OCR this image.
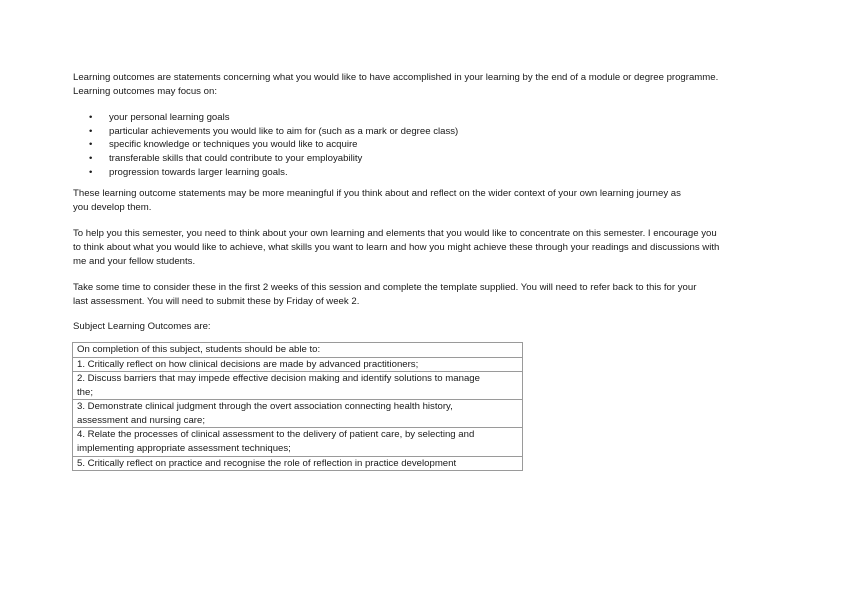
Learning outcomes are statements concerning what you would like to have accomplished in your learning by the end of a module or degree programme.
Learning outcomes may focus on:

• your personal learning goals
• particular achievements you would like to aim for (such as a mark or degree class)
• specific knowledge or techniques you would like to acquire
• transferable skills that could contribute to your employability
• progression towards larger learning goals.

These learning outcome statements may be more meaningful if you think about and reflect on the wider context of your own learning journey as
you develop them.

To help you this semester, you need to think about your own learning and elements that you would like to concentrate on this semester. I encourage you
to think about what you would like to achieve, what skills you want to learn and how you might achieve these through your readings and discussions with
me and your fellow students.

Take some time to consider these in the first 2 weeks of this session and complete the template supplied. You will need to refer back to this for your
last assessment. You will need to submit these by Friday of week 2.

Subject Learning Outcomes are:

On completion of this subject, students should be able to:
1. Critically reflect on how clinical decisions are made by advanced practitioners;
2. Discuss barriers that may impede effective decision making and identify solutions to manage
the;
3. Demonstrate clinical judgment through the overt association connecting health history,
assessment and nursing care;
4. Relate the processes of clinical assessment to the delivery of patient care, by selecting and
implementing appropriate assessment techniques;
5. Critically reflect on practice and recognise the role of reflection in practice development
